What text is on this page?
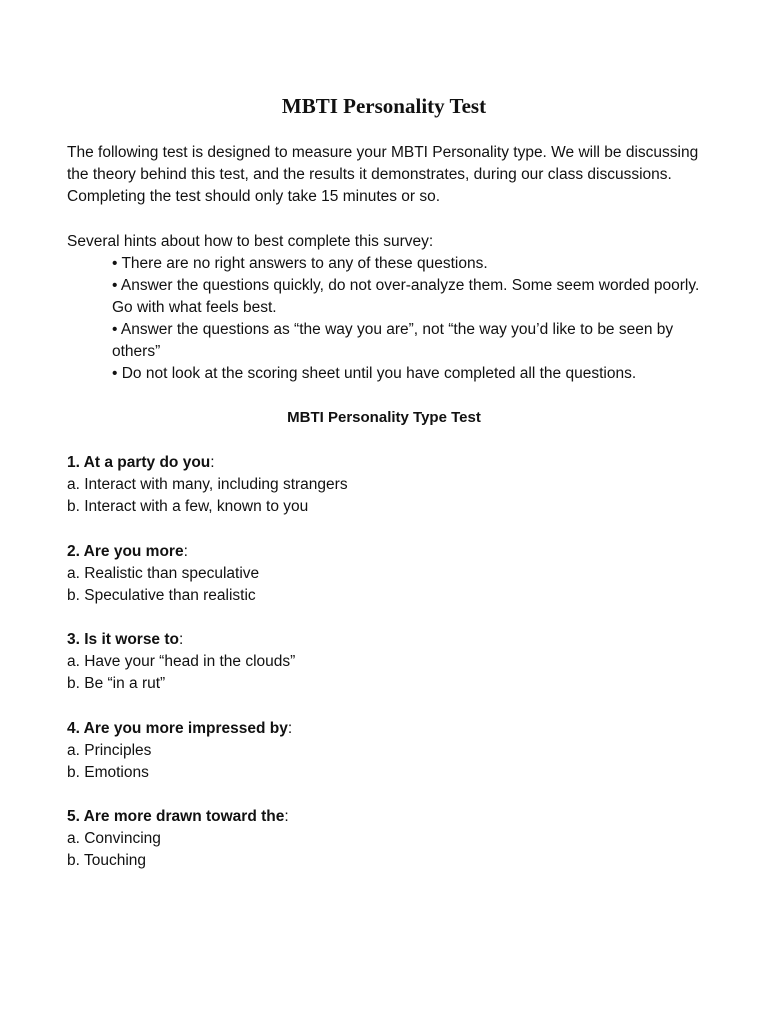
MBTI Personality Test

The following test is designed to measure your MBTI Personality type. We will be discussing the theory behind this test, and the results it demonstrates, during our class discussions. Completing the test should only take 15 minutes or so.

Several hints about how to best complete this survey:

• There are no right answers to any of these questions.
• Answer the questions quickly, do not over-analyze them. Some seem worded poorly. Go with what feels best.
• Answer the questions as “the way you are”, not “the way you’d like to be seen by others”
• Do not look at the scoring sheet until you have completed all the questions.
MBTI Personality Type Test

1. At a party do you:

a. Interact with many, including strangers

b. Interact with a few, known to you

2. Are you more:

a. Realistic than speculative

b. Speculative than realistic

3. Is it worse to:

a. Have your “head in the clouds”

b. Be “in a rut”

4. Are you more impressed by:

a. Principles

b. Emotions

5. Are more drawn toward the:

a. Convincing

b. Touching
